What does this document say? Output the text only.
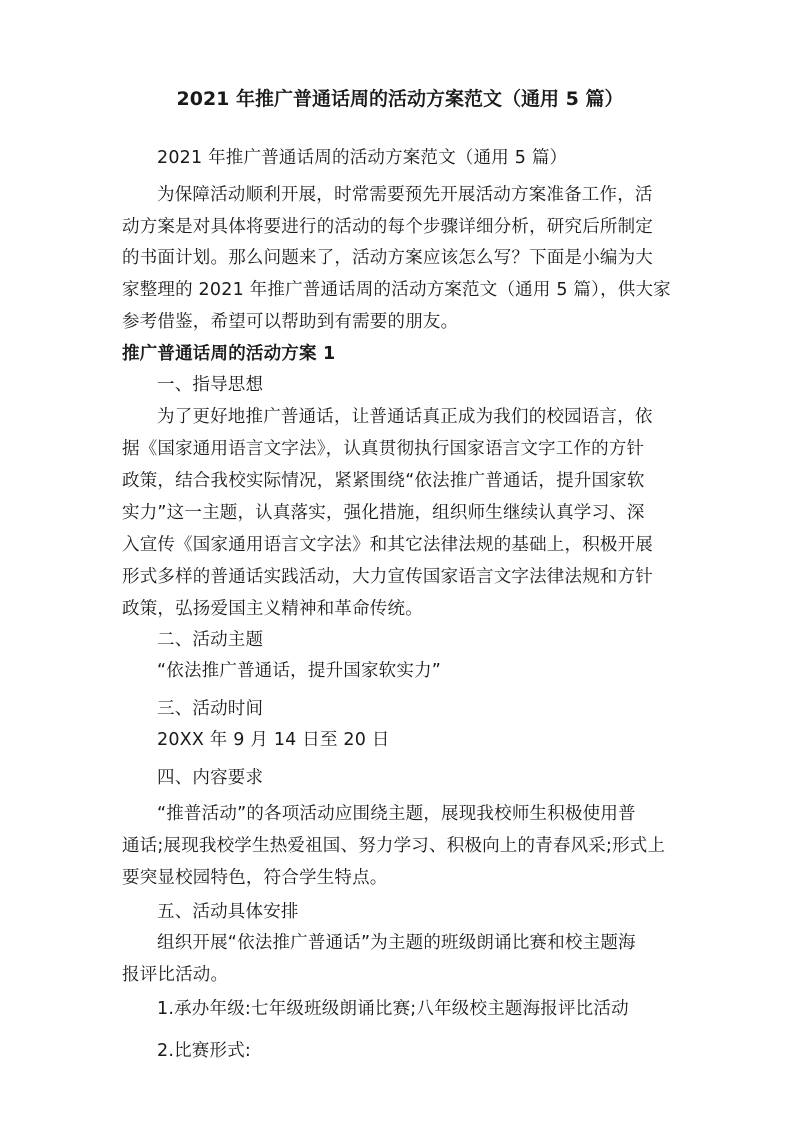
2021 年推广普通话周的活动方案范文（通用 5 篇）
2021 年推广普通话周的活动方案范文（通用 5 篇）
为保障活动顺利开展，时常需要预先开展活动方案准备工作，活
动方案是对具体将要进行的活动的每个步骤详细分析，研究后所制定
的书面计划。那么问题来了，活动方案应该怎么写？下面是小编为大
家整理的 2021 年推广普通话周的活动方案范文（通用 5 篇），供大家
参考借鉴，希望可以帮助到有需要的朋友。
推广普通话周的活动方案 1
一、指导思想
为了更好地推广普通话，让普通话真正成为我们的校园语言，依
据《国家通用语言文字法》，认真贯彻执行国家语言文字工作的方针
政策，结合我校实际情况，紧紧围绕“依法推广普通话，提升国家软
实力”这一主题，认真落实，强化措施，组织师生继续认真学习、深
入宣传《国家通用语言文字法》和其它法律法规的基础上，积极开展
形式多样的普通话实践活动，大力宣传国家语言文字法律法规和方针
政策，弘扬爱国主义精神和革命传统。
二、活动主题
“依法推广普通话，提升国家软实力”
三、活动时间
20XX 年 9 月 14 日至 20 日
四、内容要求
“推普活动”的各项活动应围绕主题，展现我校师生积极使用普
通话;展现我校学生热爱祖国、努力学习、积极向上的青春风采;形式上
要突显校园特色，符合学生特点。
五、活动具体安排
组织开展“依法推广普通话”为主题的班级朗诵比赛和校主题海
报评比活动。
1.承办年级:七年级班级朗诵比赛;八年级校主题海报评比活动
2.比赛形式:
